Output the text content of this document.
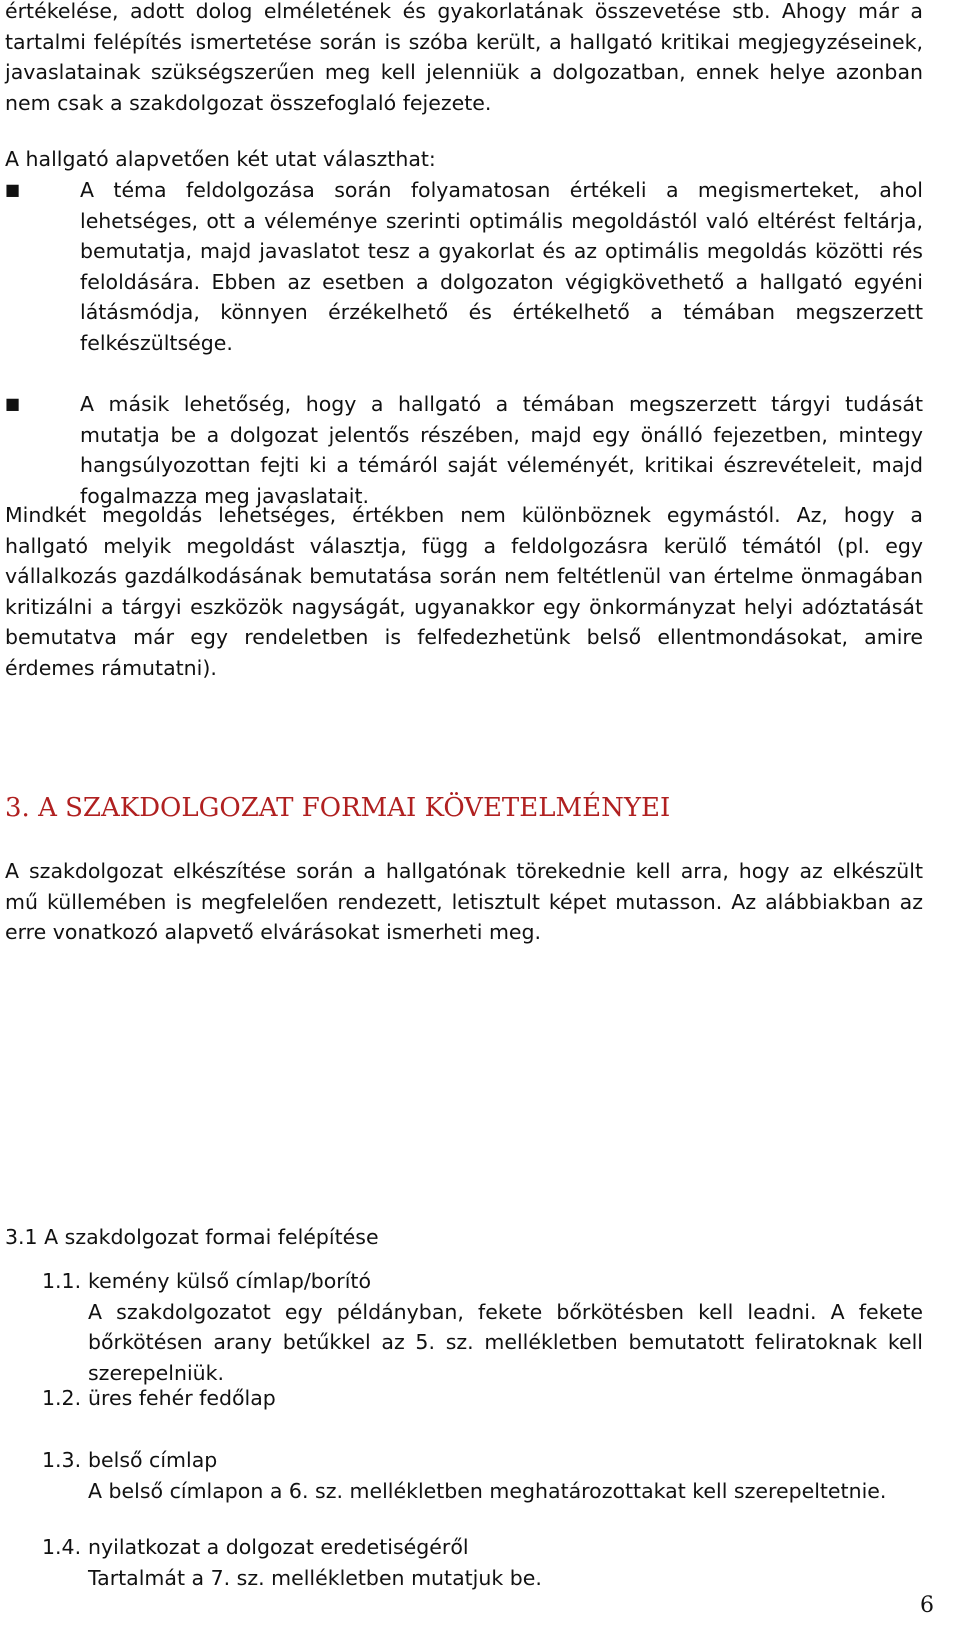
értékelése, adott dolog elméletének és gyakorlatának összevetése stb. Ahogy már a tartalmi felépítés ismertetése során is szóba került, a hallgató kritikai megjegyzéseinek, javaslatainak szükségszerűen meg kell jelenniük a dolgozatban, ennek helye azonban nem csak a szakdolgozat összefoglaló fejezete.
A hallgató alapvetően két utat választhat:
■	A téma feldolgozása során folyamatosan értékeli a megismerteket, ahol lehetséges, ott a véleménye szerinti optimális megoldástól való eltérést feltárja, bemutatja, majd javaslatot tesz a gyakorlat és az optimális megoldás közötti rés feloldására. Ebben az esetben a dolgozaton végigkövethető a hallgató egyéni látásmódja, könnyen érzékelhető és értékelhető a témában megszerzett felkészültsége.
■	A másik lehetőség, hogy a hallgató a témában megszerzett tárgyi tudását mutatja be a dolgozat jelentős részében, majd egy önálló fejezetben, mintegy hangsúlyozottan fejti ki a témáról saját véleményét, kritikai észrevételeit, majd fogalmazza meg javaslatait.
Mindkét megoldás lehetséges, értékben nem különböznek egymástól. Az, hogy a hallgató melyik megoldást választja, függ a feldolgozásra kerülő témától (pl. egy vállalkozás gazdálkodásának bemutatása során nem feltétlenül van értelme önmagában kritizálni a tárgyi eszközök nagyságát, ugyanakkor egy önkormányzat helyi adóztatását bemutatva már egy rendeletben is felfedezhetünk belső ellentmondásokat, amire érdemes rámutatni).
3. A SZAKDOLGOZAT FORMAI KÖVETELMÉNYEI
A szakdolgozat elkészítése során a hallgatónak törekednie kell arra, hogy az elkészült mű küllemében is megfelelően rendezett, letisztult képet mutasson. Az alábbiakban az erre vonatkozó alapvető elvárásokat ismerheti meg.
3.1 A szakdolgozat formai felépítése
1.1. kemény külső címlap/borító

A szakdolgozatot egy példányban, fekete bőrkötésben kell leadni. A fekete bőrkötésen arany betűkkel az 5. sz. mellékletben bemutatott feliratoknak kell szerepelniük.

1.2. üres fehér fedőlap

1.3. belső címlap

A belső címlapon a 6. sz. mellékletben meghatározottakat kell szerepeltetnie.

1.4. nyilatkozat a dolgozat eredetiségéről

Tartalmát a 7. sz. mellékletben mutatjuk be.

6
